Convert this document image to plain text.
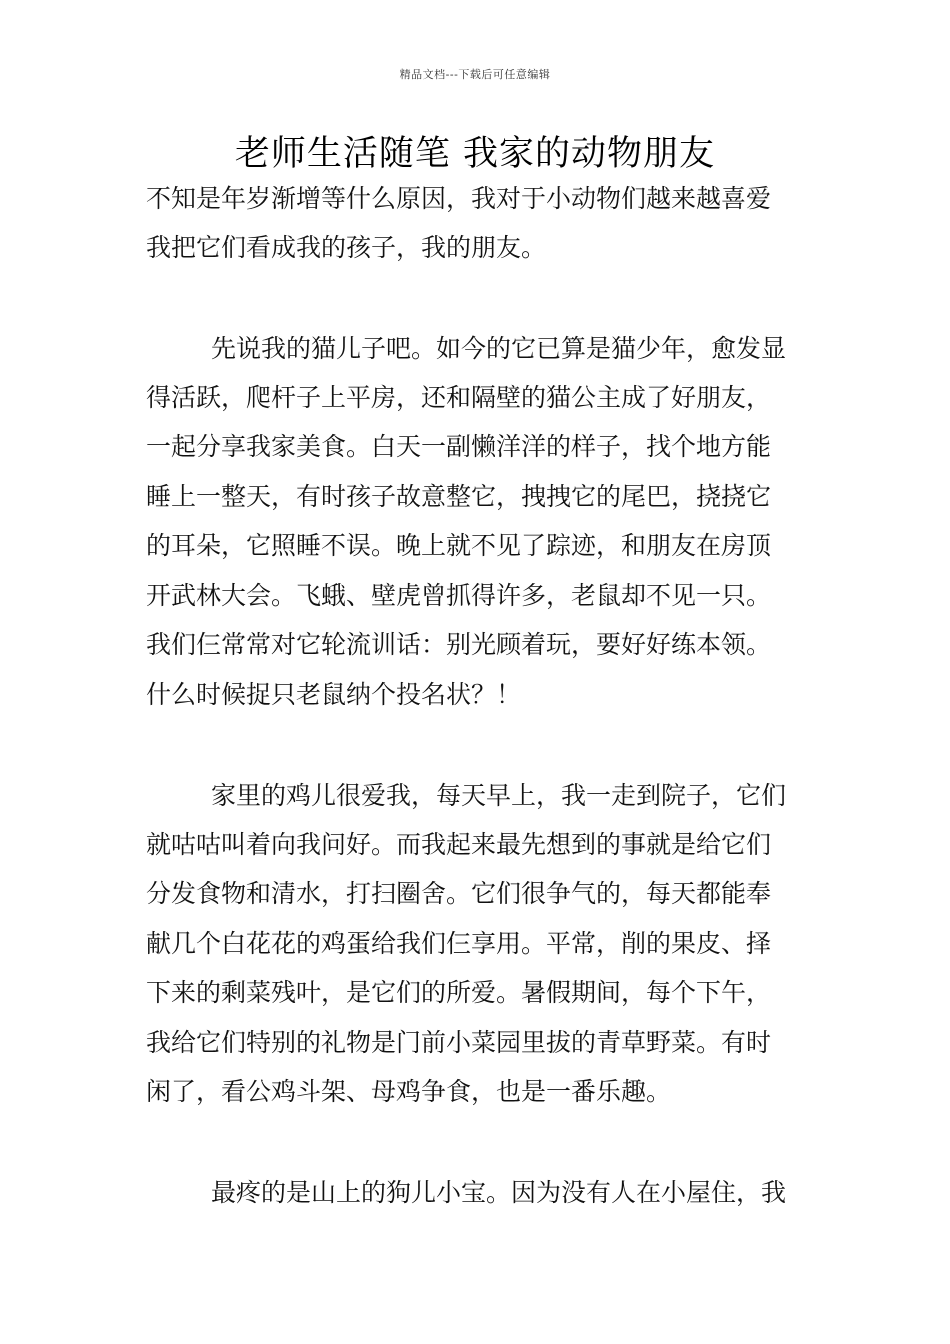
精品文档---下载后可任意编辑
老师生活随笔 我家的动物朋友
不知是年岁渐增等什么原因，我对于小动物们越来越喜爱
我把它们看成我的孩子，我的朋友。
先说我的猫儿子吧。如今的它已算是猫少年，愈发显
得活跃，爬杆子上平房，还和隔壁的猫公主成了好朋友，
一起分享我家美食。白天一副懒洋洋的样子，找个地方能
睡上一整天，有时孩子故意整它，拽拽它的尾巴，挠挠它
的耳朵，它照睡不误。晚上就不见了踪迹，和朋友在房顶
开武林大会。飞蛾、壁虎曾抓得许多，老鼠却不见一只。
我们仨常常对它轮流训话：别光顾着玩，要好好练本领。
什么时候捉只老鼠纳个投名状？！
家里的鸡儿很爱我，每天早上，我一走到院子，它们
就咕咕叫着向我问好。而我起来最先想到的事就是给它们
分发食物和清水，打扫圈舍。它们很争气的，每天都能奉
献几个白花花的鸡蛋给我们仨享用。平常，削的果皮、择
下来的剩菜残叶，是它们的所爱。暑假期间，每个下午，
我给它们特别的礼物是门前小菜园里拔的青草野菜。有时
闲了，看公鸡斗架、母鸡争食，也是一番乐趣。
最疼的是山上的狗儿小宝。因为没有人在小屋住，我
